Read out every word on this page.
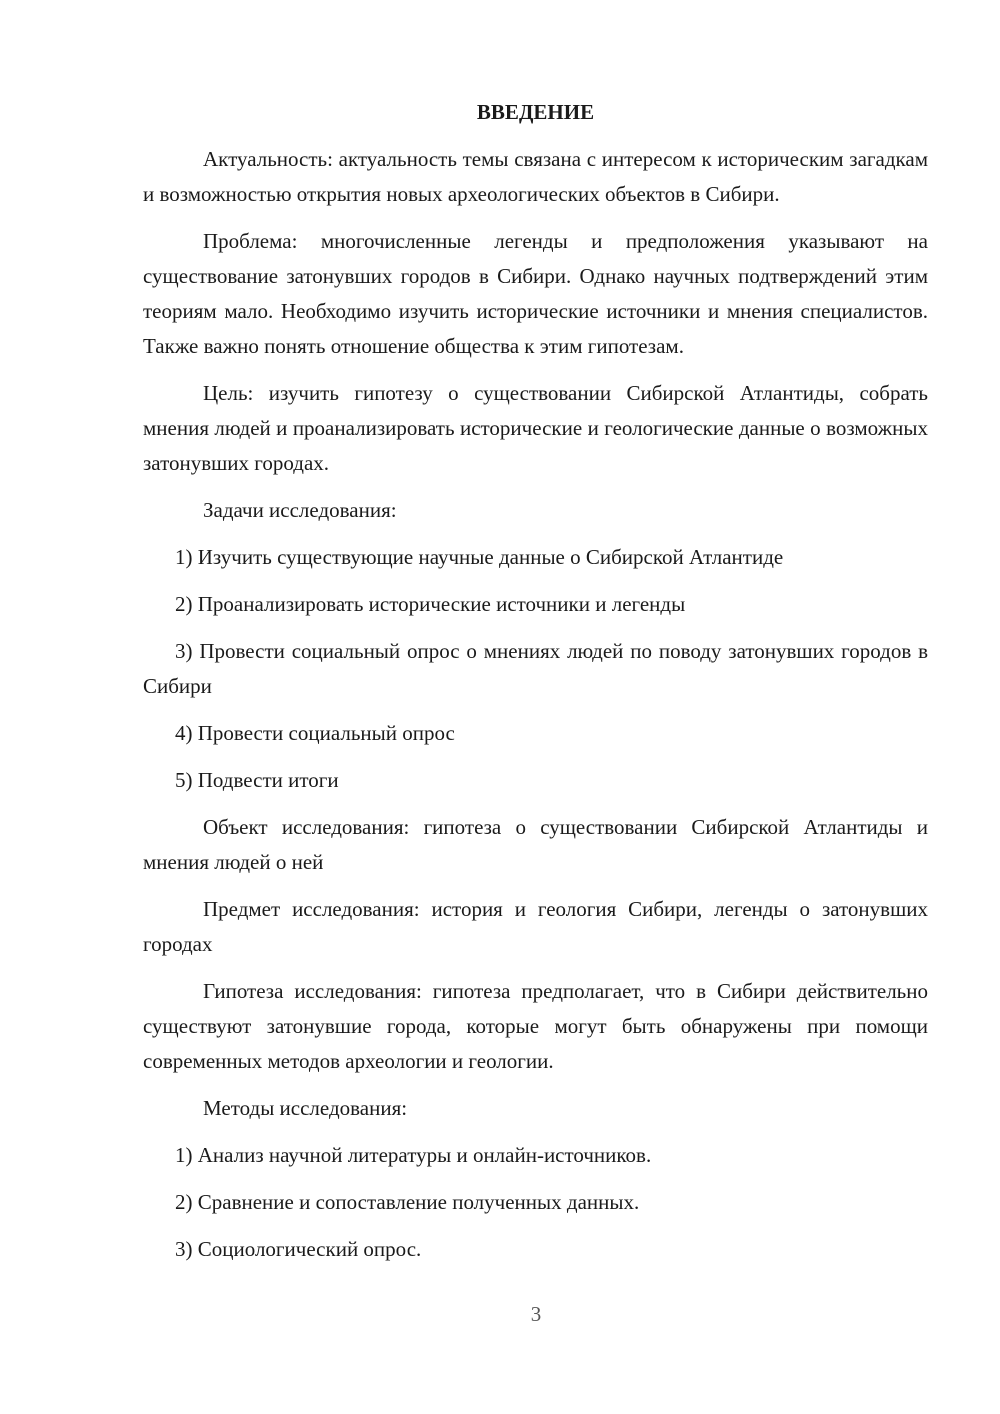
ВВЕДЕНИЕ

Актуальность: актуальность темы связана с интересом к историческим загадкам и возможностью открытия новых археологических объектов в Сибири.

Проблема: многочисленные легенды и предположения указывают на существование затонувших городов в Сибири. Однако научных подтверждений этим теориям мало. Необходимо изучить исторические источники и мнения специалистов. Также важно понять отношение общества к этим гипотезам.

Цель: изучить гипотезу о существовании Сибирской Атлантиды, собрать мнения людей и проанализировать исторические и геологические данные о возможных затонувших городах.

Задачи исследования:

1) Изучить существующие научные данные о Сибирской Атлантиде

2) Проанализировать исторические источники и легенды

3) Провести социальный опрос о мнениях людей по поводу затонувших городов в Сибири

4) Провести социальный опрос

5) Подвести итоги

Объект исследования: гипотеза о существовании Сибирской Атлантиды и мнения людей о ней

Предмет исследования: история и геология Сибири, легенды о затонувших городах

Гипотеза исследования: гипотеза предполагает, что в Сибири действительно существуют затонувшие города, которые могут быть обнаружены при помощи современных методов археологии и геологии.

Методы исследования:

1) Анализ научной литературы и онлайн-источников.

2) Сравнение и сопоставление полученных данных.

3) Социологический опрос.

3
